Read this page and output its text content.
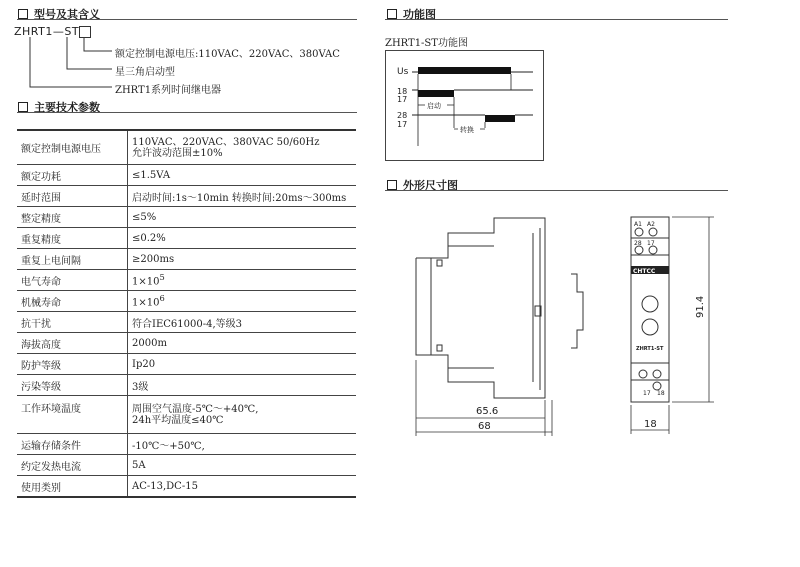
型号及其含义
ZHRT1—ST
额定控制电源电压:110VAC、220VAC、380VAC
星三角启动型
ZHRT1系列时间继电器
主要技术参数
额定控制电源电压	110VAC、220VAC、380VAC 50/60Hz
允许波动范围±10%

额定功耗	≤1.5VA
延时范围	启动时间:1s～10min 转换时间:20ms～300ms
整定精度	≤5%
重复精度	≤0.2%
重复上电间隔	≥200ms
电气寿命	$1\times 10^5$
机械寿命	$1\times 10^6$
抗干扰	符合IEC61000-4,等级3
海拔高度	2000m
防护等级	Ip20
污染等级	3级
工作环境温度	周围空气温度-5℃～+40℃,
24h平均温度≤40℃

运输存储条件	-10℃～+50℃,
约定发热电流	5A
使用类别	AC-13,DC-15
功能图
ZHRT1-ST功能图
Us
18
17
启动
28
17
转换
外形尺寸图
65.6
68
A1 A2
28 17
CHTCC
ZHRT1-ST
17 18
91.4
18
